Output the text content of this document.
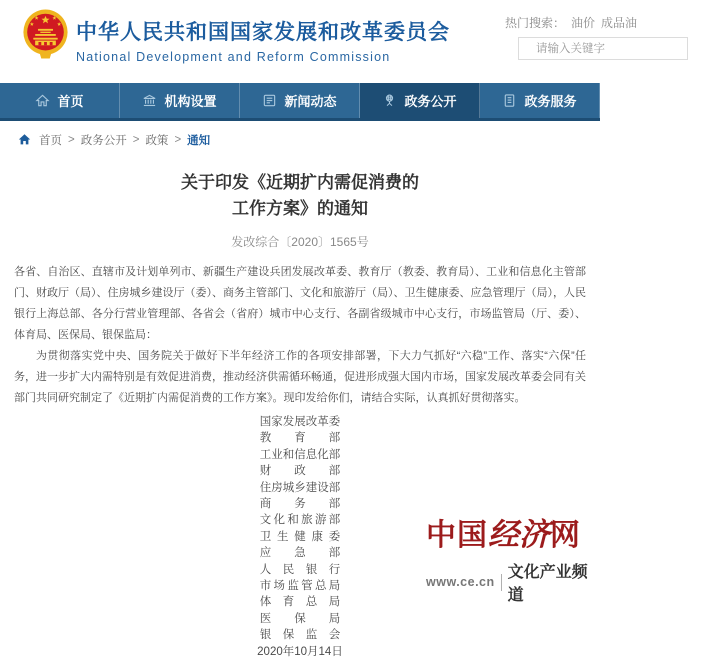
中华人民共和国国家发展和改革委员会
National Development and Reform Commission
热门搜索： 油价 成品油
请输入关键字
首页	机构设置	新闻动态	政务公开	政务服务
首页 > 政务公开 > 政策 > 通知
关于印发《近期扩内需促消费的
工作方案》的通知
发改综合〔2020〕1565号

各省、自治区、直辖市及计划单列市、新疆生产建设兵团发展改革委、教育厅（教委、教育局）、工业和信息化主管部门、财政厅（局）、住房城乡建设厅（委）、商务主管部门、文化和旅游厅（局）、卫生健康委、应急管理厅（局），人民银行上海总部、各分行营业管理部、各省会（省府）城市中心支行、各副省级城市中心支行，市场监管局（厅、委）、体育局、医保局、银保监局：

为贯彻落实党中央、国务院关于做好下半年经济工作的各项安排部署，下大力气抓好“六稳”工作、落实“六保”任务，进一步扩大内需特别是有效促进消费，推动经济供需循环畅通，促进形成强大国内市场，国家发展改革委会同有关部门共同研究制定了《近期扩内需促消费的工作方案》。现印发给你们，请结合实际，认真抓好贯彻落实。

国家发展改革委
教育部
工业和信息化部
财政部
住房城乡建设部
商务部
文化和旅游部
卫生健康委
应急部
人民银行
市场监管总局
体育总局
医保局
银保监会
2020年10月14日
中国经济网
www.ce.cn
文化产业频道
